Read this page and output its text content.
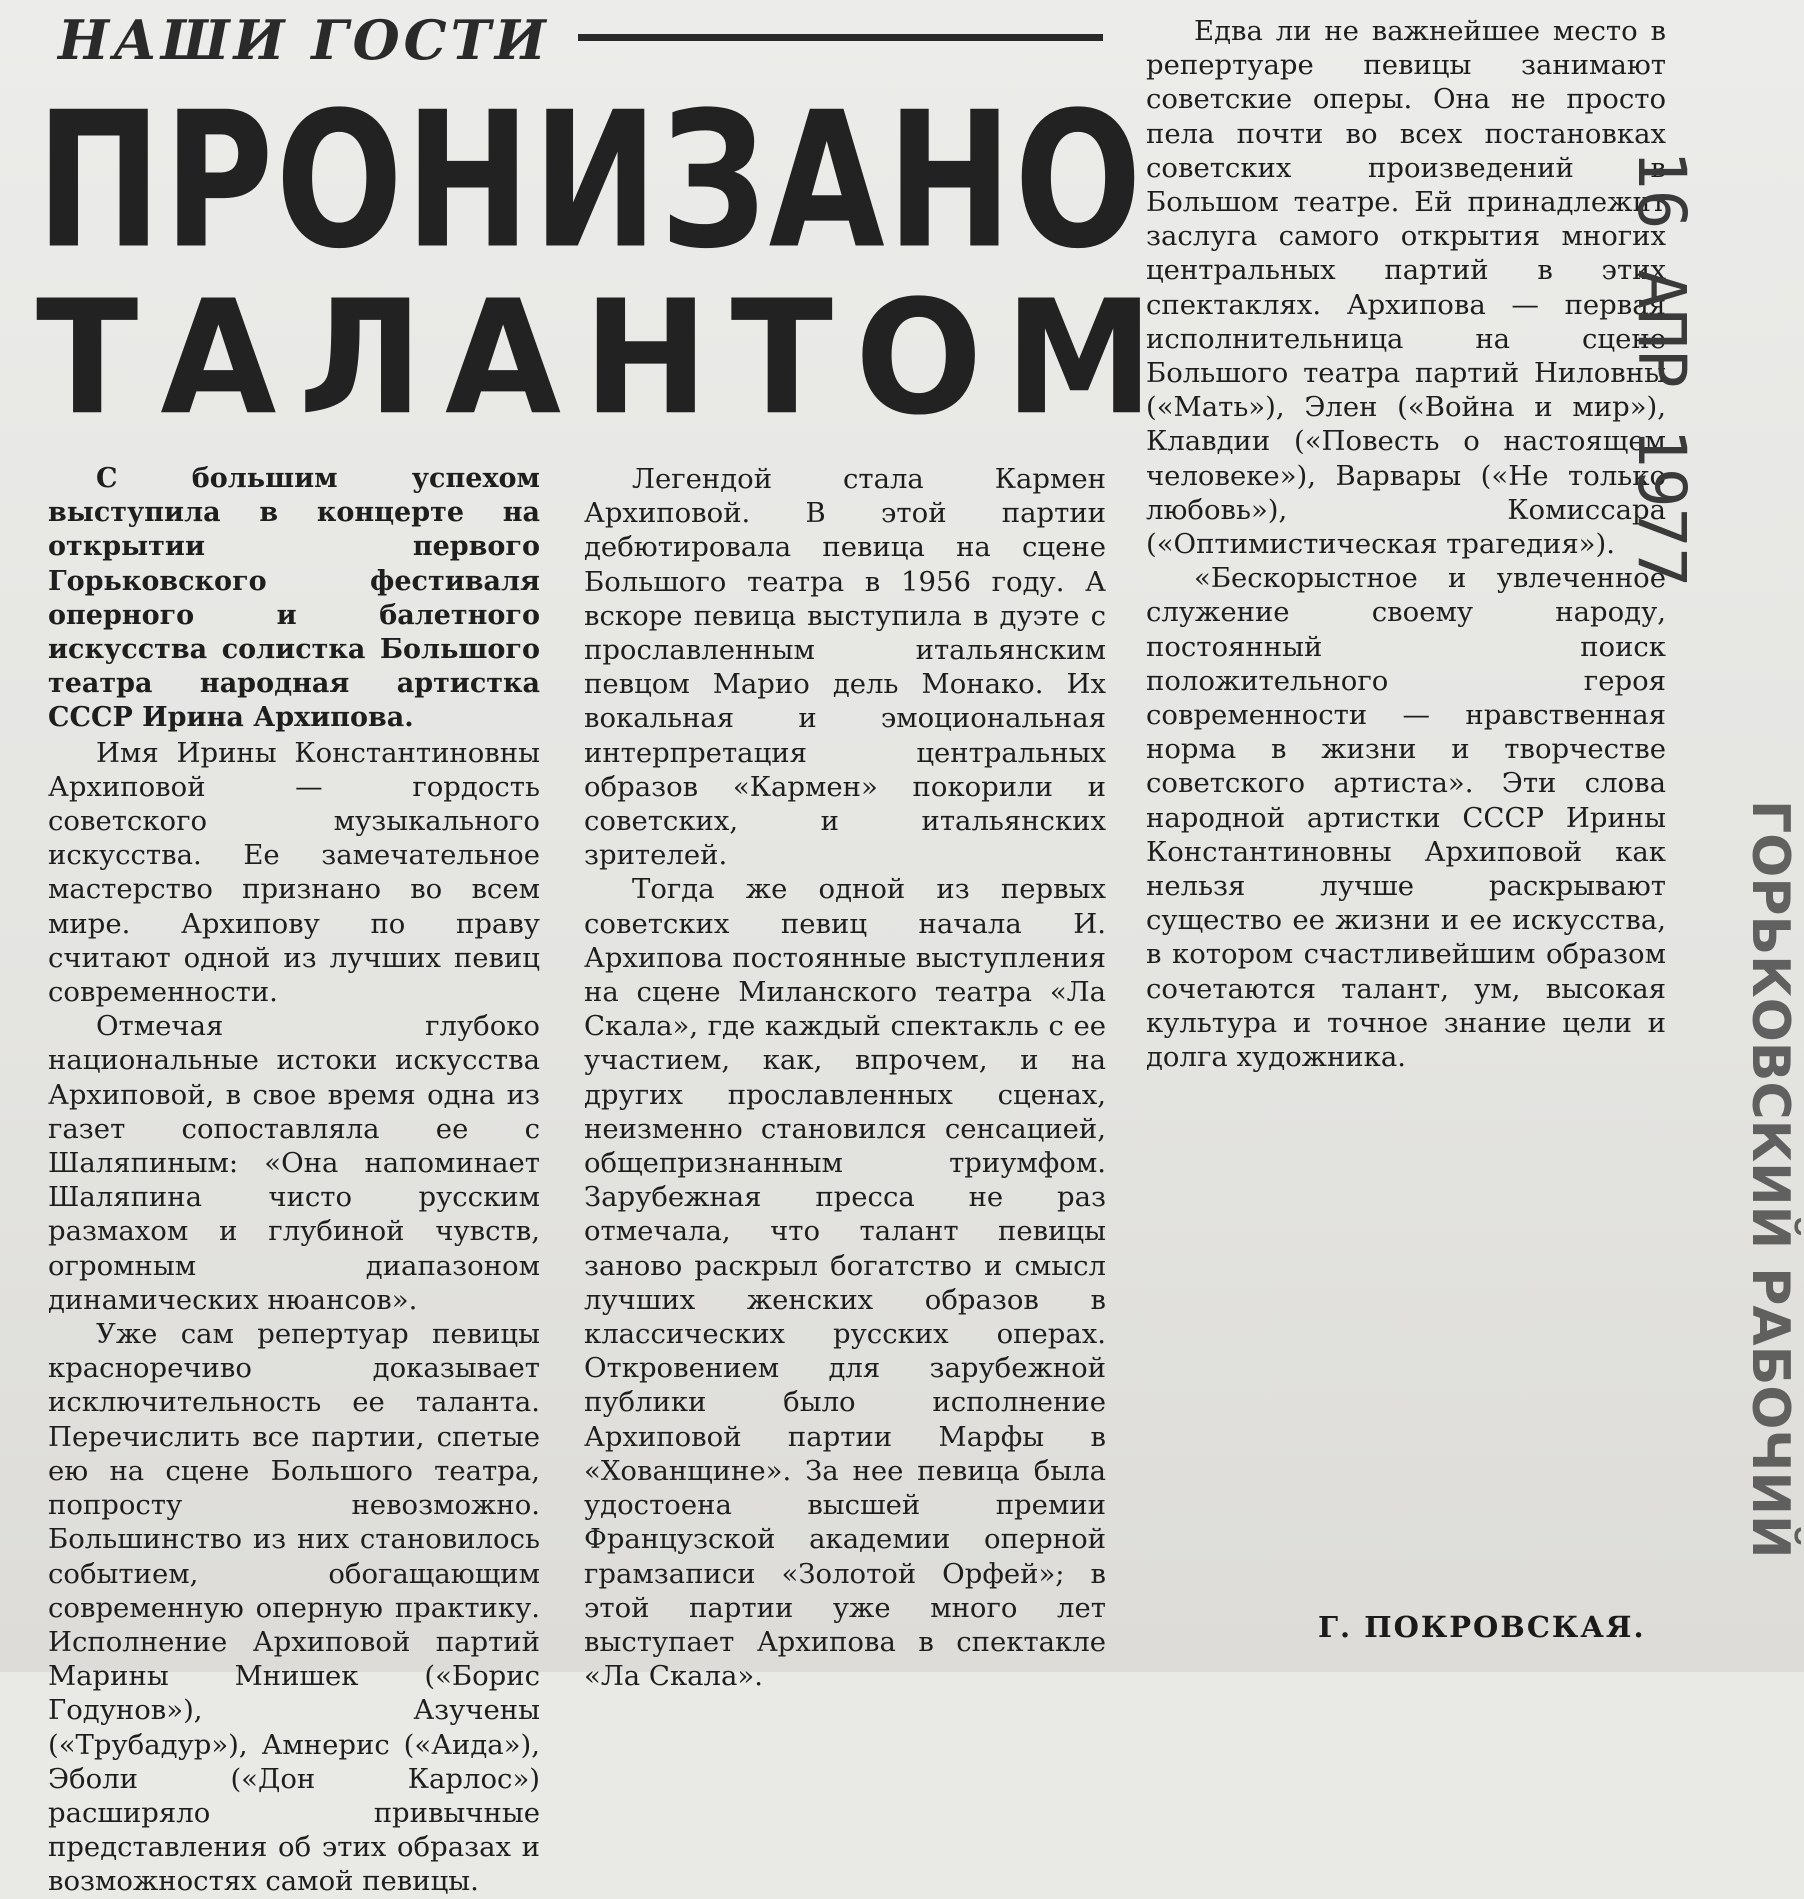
НАШИ ГОСТИ
ПРОНИЗАНО
ТАЛАНТОМ

С большим успехом выступила в концерте на открытии первого Горьковского фестиваля оперного и балетного искусства солистка Большого театра народная артистка СССР Ирина Архипова.

Имя Ирины Константиновны Архиповой — гордость советского музыкального искусства. Ее замечательное мастерство признано во всем мире. Архипову по праву считают одной из лучших певиц современности.

Отмечая глубоко национальные истоки искусства Архиповой, в свое время одна из газет сопоставляла ее с Шаляпиным: «Она напоминает Шаляпина чисто русским размахом и глубиной чувств, огромным диапазоном динамических нюансов».

Уже сам репертуар певицы красноречиво доказывает исключительность ее таланта. Перечислить все партии, спетые ею на сцене Большого театра, попросту невозможно. Большинство из них становилось событием, обогащающим современную оперную практику. Исполнение Архиповой партий Марины Мнишек («Борис Годунов»), Азучены («Трубадур»), Амнерис («Аида»), Эболи («Дон Карлос») расширяло привычные представления об этих образах и возможностях самой певицы.

Легендой стала Кармен Архиповой. В этой партии дебютировала певица на сцене Большого театра в 1956 году. А вскоре певица выступила в дуэте с прославленным итальянским певцом Марио дель Монако. Их вокальная и эмоциональная интерпретация центральных образов «Кармен» покорили и советских, и итальянских зрителей.

Тогда же одной из первых советских певиц начала И. Архипова постоянные выступления на сцене Миланского театра «Ла Скала», где каждый спектакль с ее участием, как, впрочем, и на других прославленных сценах, неизменно становился сенсацией, общепризнанным триумфом. Зарубежная пресса не раз отмечала, что талант певицы заново раскрыл богатство и смысл лучших женских образов в классических русских операх. Откровением для зарубежной публики было исполнение Архиповой партии Марфы в «Хованщине». За нее певица была удостоена высшей премии Французской академии оперной грамзаписи «Золотой Орфей»; в этой партии уже много лет выступает Архипова в спектакле «Ла Скала».

Едва ли не важнейшее место в репертуаре певицы занимают советские оперы. Она не просто пела почти во всех постановках советских произведений в Большом театре. Ей принадлежит заслуга самого открытия многих центральных партий в этих спектаклях. Архипова — первая исполнительница на сцене Большого театра партий Ниловны («Мать»), Элен («Война и мир»), Клавдии («Повесть о настоящем человеке»), Варвары («Не только любовь»), Комиссара («Оптимистическая трагедия»).

«Бескорыстное и увлеченное служение своему народу, постоянный поиск положительного героя современности — нравственная норма в жизни и творчестве советского артиста». Эти слова народной артистки СССР Ирины Константиновны Архиповой как нельзя лучше раскрывают существо ее жизни и ее искусства, в котором счастливейшим образом сочетаются талант, ум, высокая культура и точное знание цели и долга художника.

Г. ПОКРОВСКАЯ.
16 АПР 1977
ГОРЬКОВСКИЙ РАБОЧИЙ
